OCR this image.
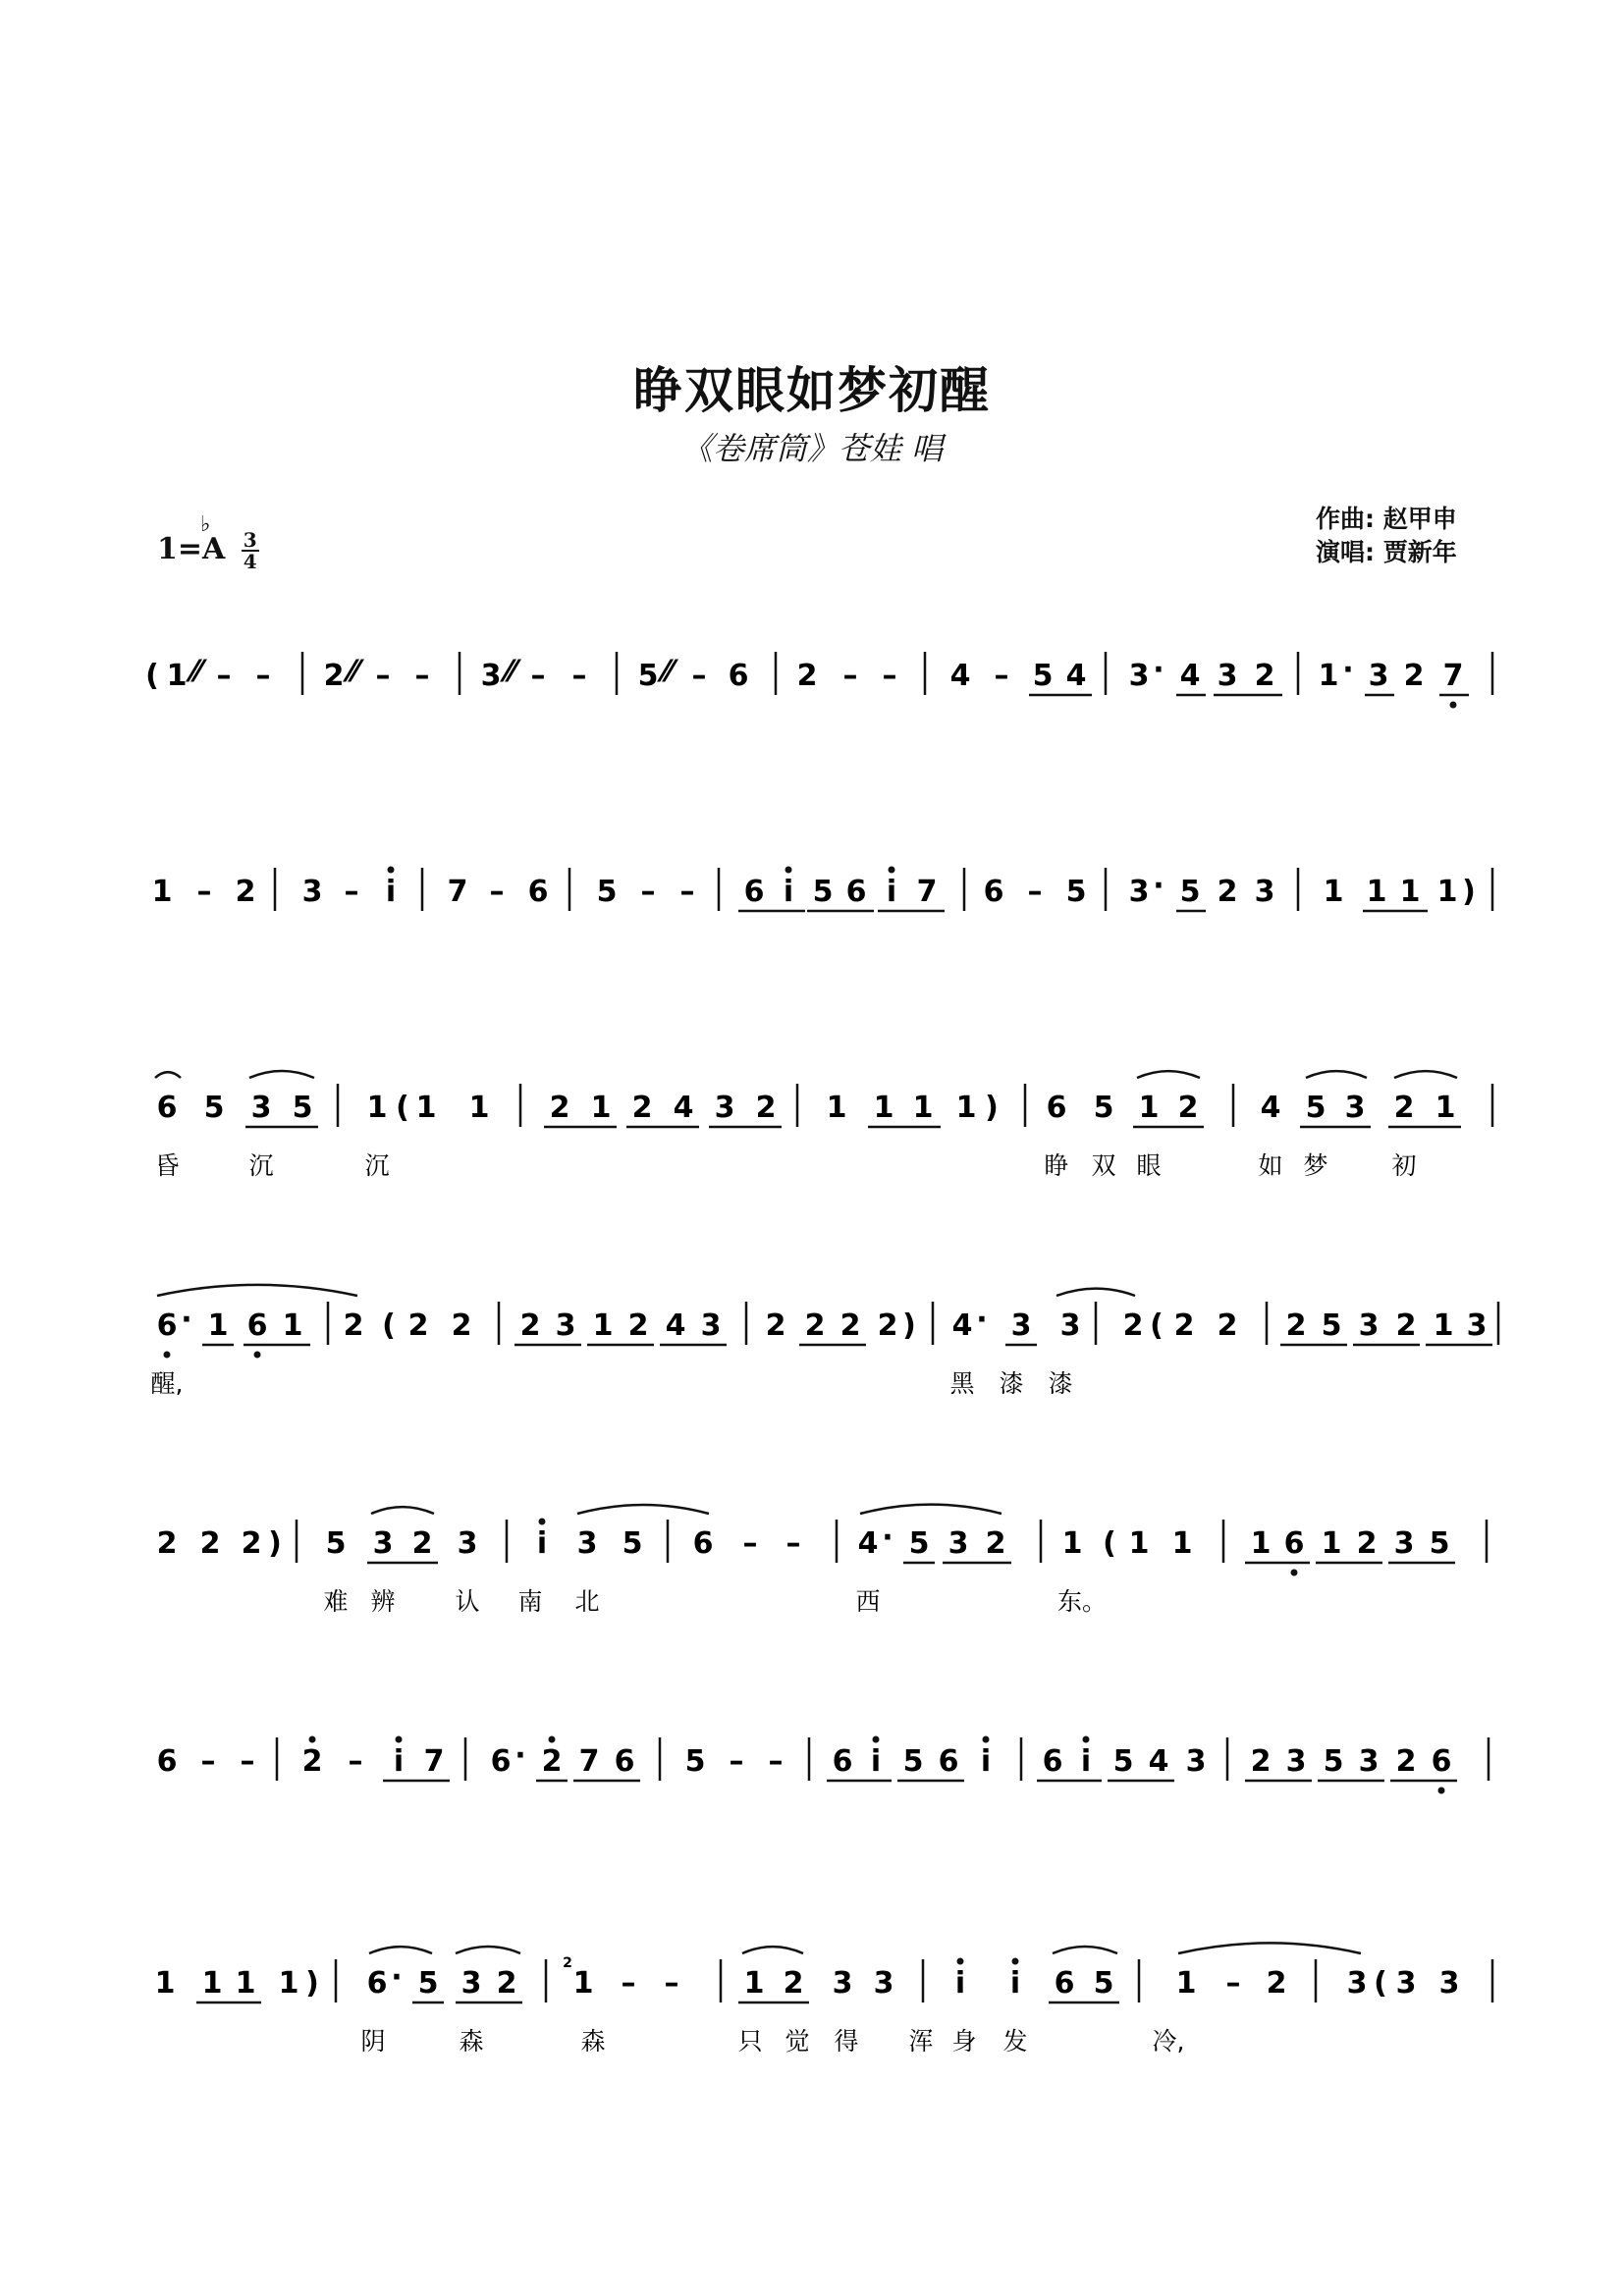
睁双眼如梦初醒
《卷席筒》苍娃 唱
1=
♭
A $\frac{3}{4}$
作曲: 赵甲申
演唱: 贾新年
( 1 ⁄⁄ – – 2 ⁄⁄ – – 3 ⁄⁄ – – 5 ⁄⁄ – 6 2 – – 4 – 5 4 3 · 4 3 2 1 · 3 2 7
1 – 2 3 – i 7 – 6 5 – – 6 i 5 6 i 7 6 – 5 3 · 5 2 3 1 1 1 1 )
6 5 3 5 1 ( 1 1 2 1 2 4 3 2 1 1 1 1 ) 6 5 1 2 4 5 3 2 1
昏	沉	沉	睁 双 眼	如 梦	初
6 · 1 6 1 2 ( 2 2 2 3 1 2 4 3 2 2 2 2 ) 4 · 3 3 2 ( 2 2 2 5 3 2 1 3
醒,	黑 漆 漆
2 2 2 ) 5 3 2 3 i 3 5 6 – – 4 · 5 3 2 1 ( 1 1 1 6 1 2 3 5
难 辨 认 南 北	西	东。
6 – – 2 – i 7 6 · 2 7 6 5 – – 6 i 5 6 i 6 i 5 4 3 2 3 5 3 2 6
1 1 1 1 ) 6 · 5 3 2 1 – – 1 2 3 3 i i 6 5 1 – 2 3 ( 3 3
2
阴	森	森	只 觉 得 浑 身 发	冷,
